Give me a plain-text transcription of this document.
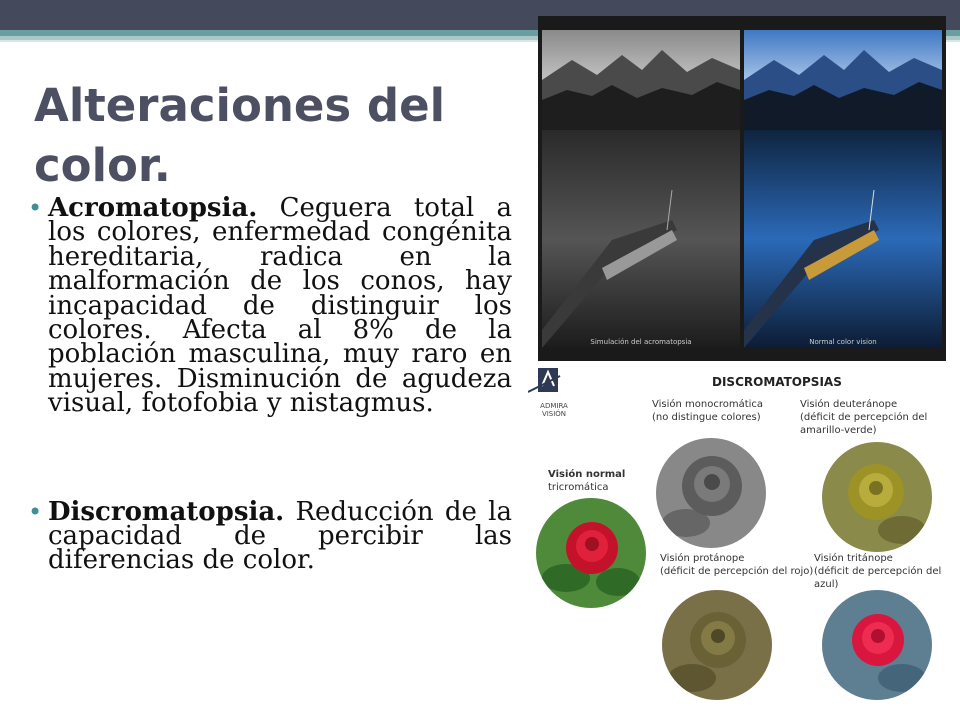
Alteraciones del
color.
• Acromatopsia. Ceguera total a los colores, enfermedad congénita hereditaria, radica en la malformación de los conos, hay incapacidad de distinguir los colores. Afecta al 8% de la población masculina, muy raro en mujeres. Disminución de agudeza visual, fotofobia y nistagmus.
• Discromatopsia. Reducción de la capacidad de percibir las diferencias de color.
Simulación del acromatopsia	Normal color vision
ADMIRA
VISIÓN
DISCROMATOPSIAS
Visión monocromática
(no distingue colores)
Visión deuteránope
(déficit de percepción del
amarillo-verde)
Visión normal
tricromática
Visión protánope
(déficit de percepción del rojo)
Visión tritánope
(déficit de percepción del azul)
